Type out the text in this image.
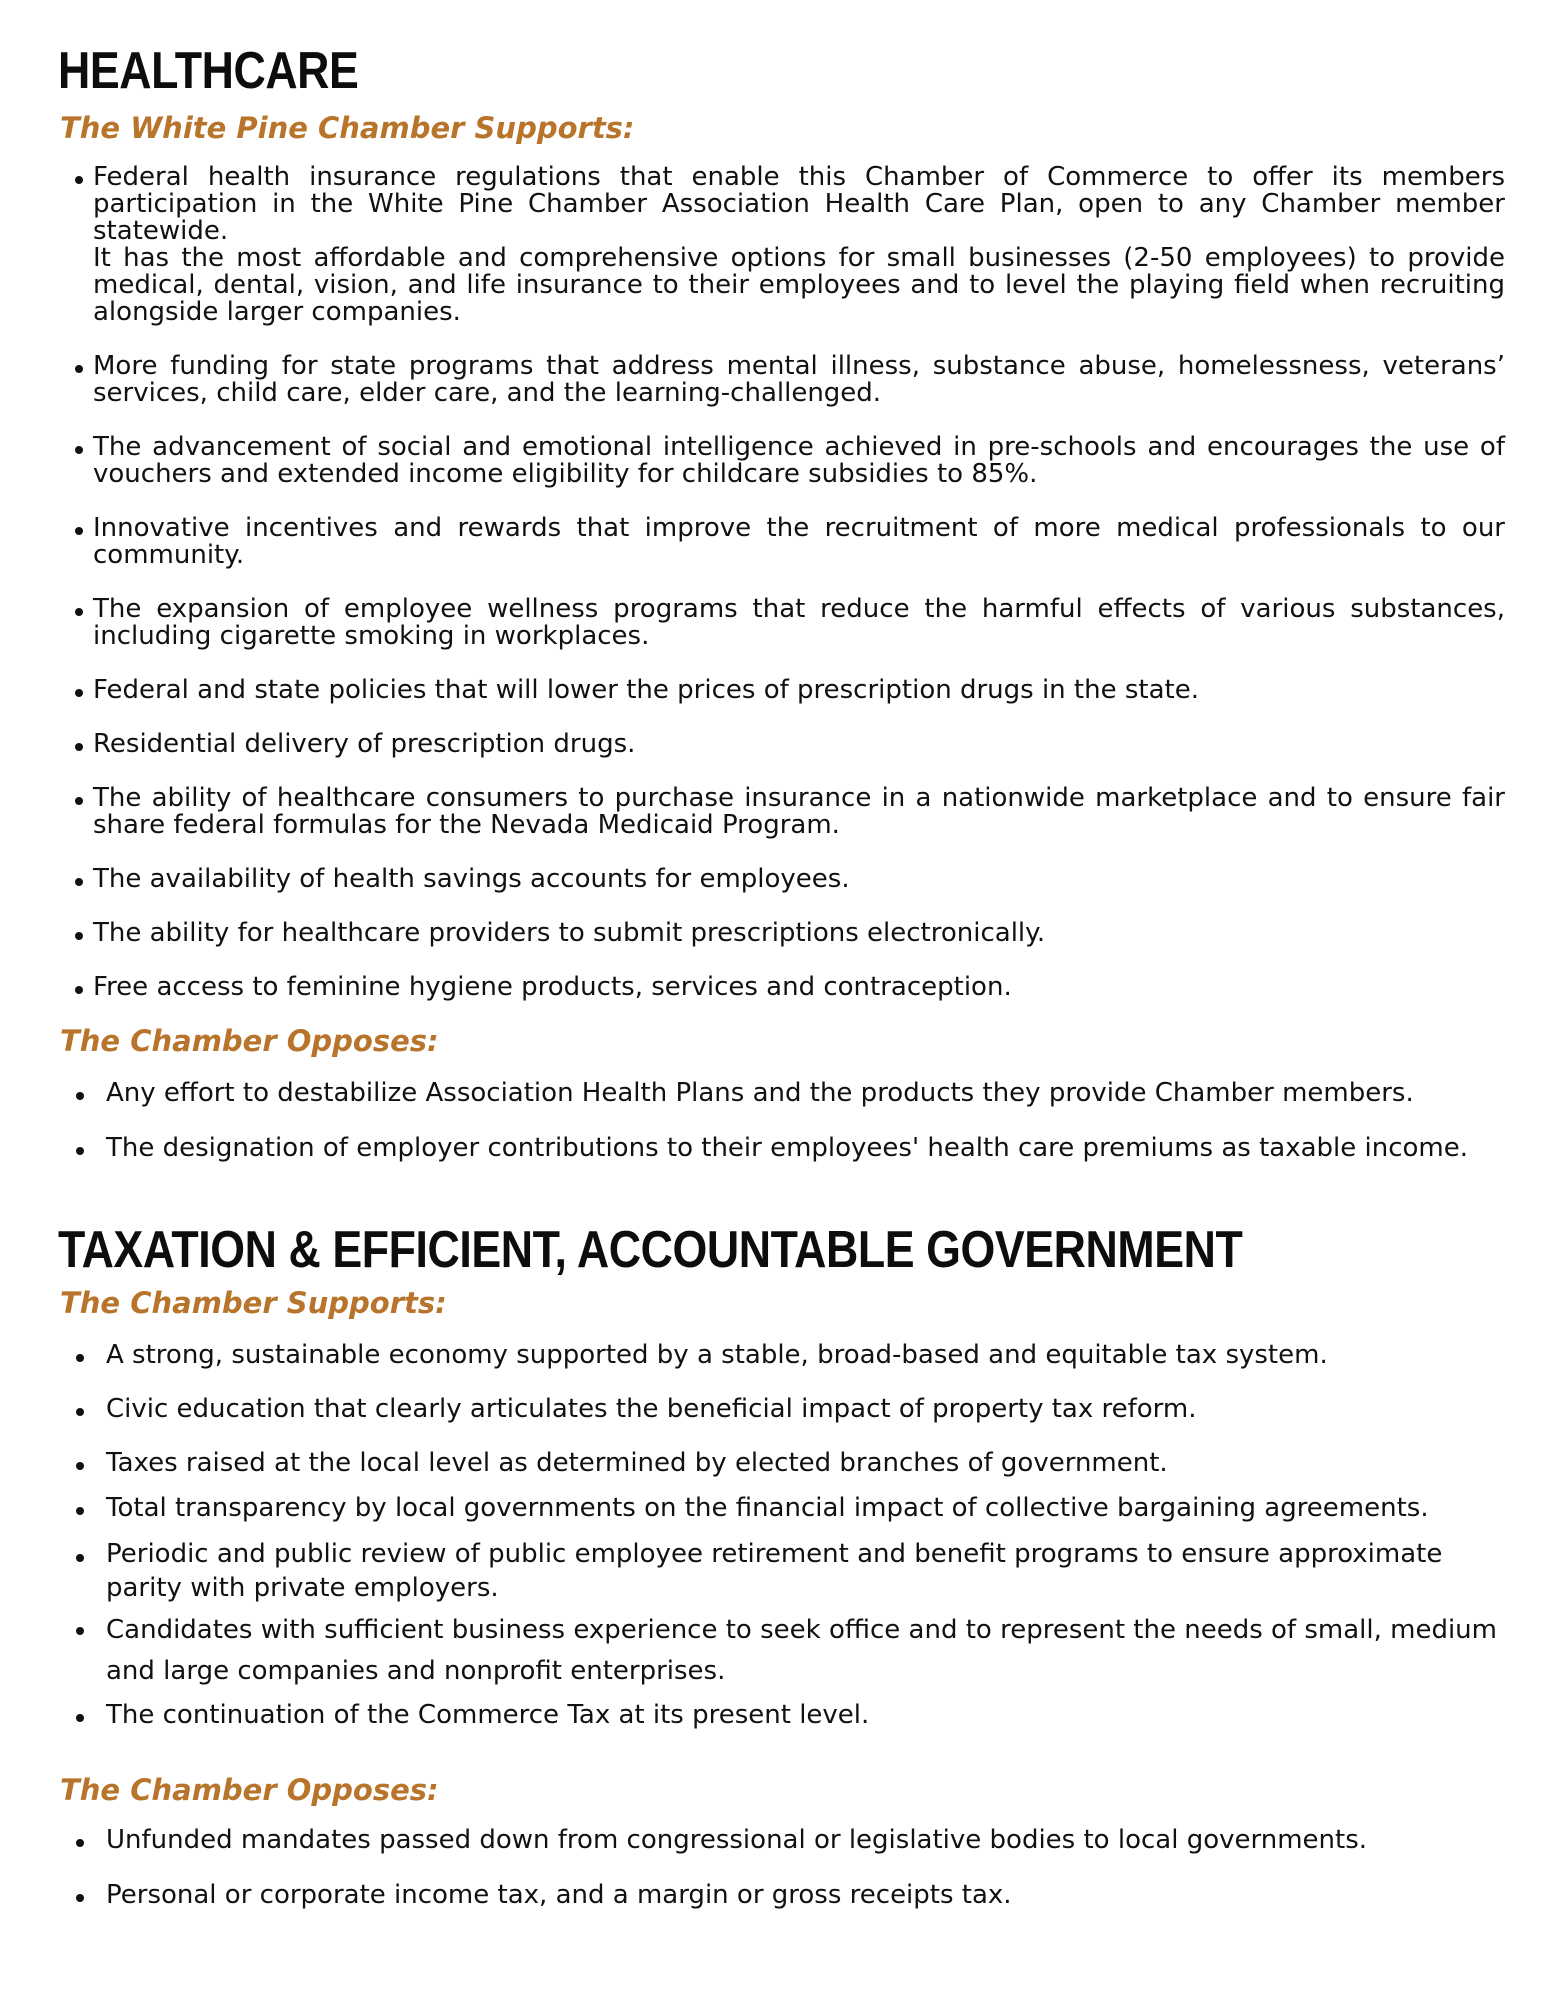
HEALTHCARE
The White Pine Chamber Supports:
Federal health insurance regulations that enable this Chamber of Commerce to offer its members participation in the White Pine Chamber Association Health Care Plan, open to any Chamber member statewide.
It has the most affordable and comprehensive options for small businesses (2-50 employees) to provide medical, dental, vision, and life insurance to their employees and to level the playing field when recruiting alongside larger companies.
More funding for state programs that address mental illness, substance abuse, homelessness, veterans’ services, child care, elder care, and the learning-challenged.
The advancement of social and emotional intelligence achieved in pre-schools and encourages the use of vouchers and extended income eligibility for childcare subsidies to 85%.
Innovative incentives and rewards that improve the recruitment of more medical professionals to our community.
The expansion of employee wellness programs that reduce the harmful effects of various substances, including cigarette smoking in workplaces.
Federal and state policies that will lower the prices of prescription drugs in the state.
Residential delivery of prescription drugs.
The ability of healthcare consumers to purchase insurance in a nationwide marketplace and to ensure fair share federal formulas for the Nevada Medicaid Program.
The availability of health savings accounts for employees.
The ability for healthcare providers to submit prescriptions electronically.
Free access to feminine hygiene products, services and contraception.
The Chamber Opposes:
Any effort to destabilize Association Health Plans and the products they provide Chamber members.
The designation of employer contributions to their employees' health care premiums as taxable income.
TAXATION & EFFICIENT, ACCOUNTABLE GOVERNMENT
The Chamber Supports:
A strong, sustainable economy supported by a stable, broad-based and equitable tax system.
Civic education that clearly articulates the beneficial impact of property tax reform.
Taxes raised at the local level as determined by elected branches of government.
Total transparency by local governments on the financial impact of collective bargaining agreements.
Periodic and public review of public employee retirement and benefit programs to ensure approximate parity with private employers.
Candidates with sufficient business experience to seek office and to represent the needs of small, medium and large companies and nonprofit enterprises.
The continuation of the Commerce Tax at its present level.
The Chamber Opposes:
Unfunded mandates passed down from congressional or legislative bodies to local governments.
Personal or corporate income tax, and a margin or gross receipts tax.
